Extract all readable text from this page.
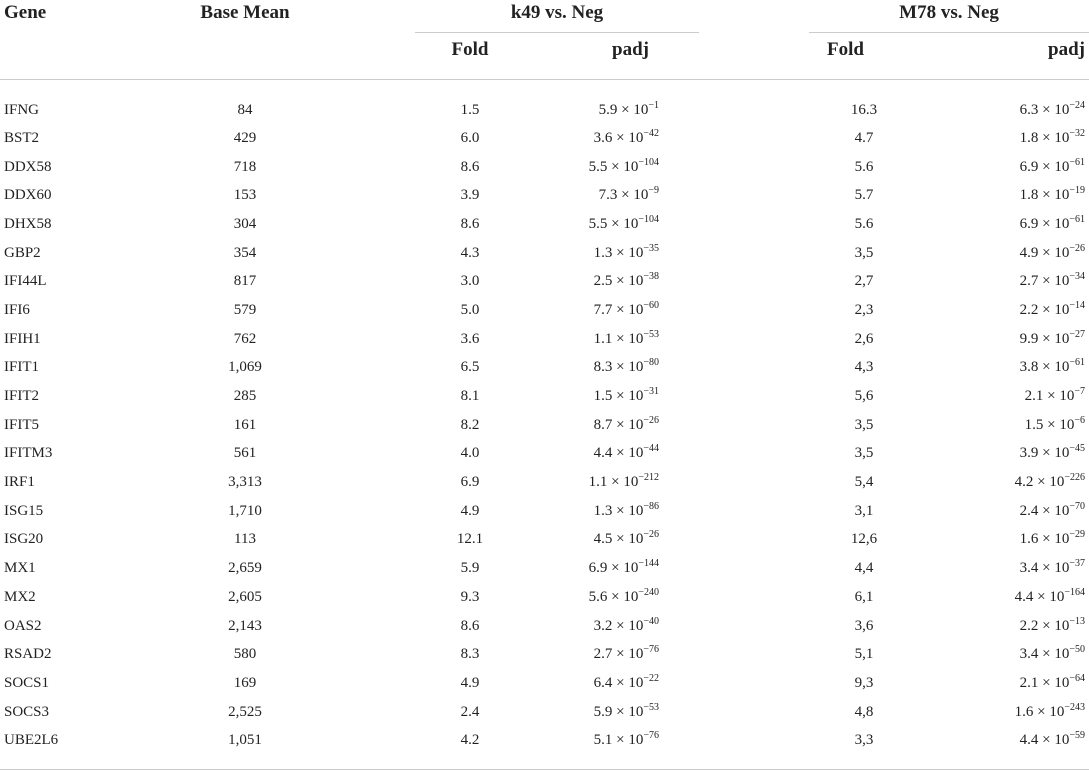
Gene	Base Mean		k49 vs. Neg			M78 vs. Neg	
			Fold	padj		Fold	padj
IFNG	84		1.5	$5.9 \times 10^{-1}$		16.3	$6.3 \times 10^{-24}$
BST2	429		6.0	$3.6 \times 10^{-42}$		4.7	$1.8 \times 10^{-32}$
DDX58	718		8.6	$5.5 \times 10^{-104}$		5.6	$6.9 \times 10^{-61}$
DDX60	153		3.9	$7.3 \times 10^{-9}$		5.7	$1.8 \times 10^{-19}$
DHX58	304		8.6	$5.5 \times 10^{-104}$		5.6	$6.9 \times 10^{-61}$
GBP2	354		4.3	$1.3 \times 10^{-35}$		3,5	$4.9 \times 10^{-26}$
IFI44L	817		3.0	$2.5 \times 10^{-38}$		2,7	$2.7 \times 10^{-34}$
IFI6	579		5.0	$7.7 \times 10^{-60}$		2,3	$2.2 \times 10^{-14}$
IFIH1	762		3.6	$1.1 \times 10^{-53}$		2,6	$9.9 \times 10^{-27}$
IFIT1	1,069		6.5	$8.3 \times 10^{-80}$		4,3	$3.8 \times 10^{-61}$
IFIT2	285		8.1	$1.5 \times 10^{-31}$		5,6	$2.1 \times 10^{-7}$
IFIT5	161		8.2	$8.7 \times 10^{-26}$		3,5	$1.5 \times 10^{-6}$
IFITM3	561		4.0	$4.4 \times 10^{-44}$		3,5	$3.9 \times 10^{-45}$
IRF1	3,313		6.9	$1.1 \times 10^{-212}$		5,4	$4.2 \times 10^{-226}$
ISG15	1,710		4.9	$1.3 \times 10^{-86}$		3,1	$2.4 \times 10^{-70}$
ISG20	113		12.1	$4.5 \times 10^{-26}$		12,6	$1.6 \times 10^{-29}$
MX1	2,659		5.9	$6.9 \times 10^{-144}$		4,4	$3.4 \times 10^{-37}$
MX2	2,605		9.3	$5.6 \times 10^{-240}$		6,1	$4.4 \times 10^{-164}$
OAS2	2,143		8.6	$3.2 \times 10^{-40}$		3,6	$2.2 \times 10^{-13}$
RSAD2	580		8.3	$2.7 \times 10^{-76}$		5,1	$3.4 \times 10^{-50}$
SOCS1	169		4.9	$6.4 \times 10^{-22}$		9,3	$2.1 \times 10^{-64}$
SOCS3	2,525		2.4	$5.9 \times 10^{-53}$		4,8	$1.6 \times 10^{-243}$
UBE2L6	1,051		4.2	$5.1 \times 10^{-76}$		3,3	$4.4 \times 10^{-59}$
